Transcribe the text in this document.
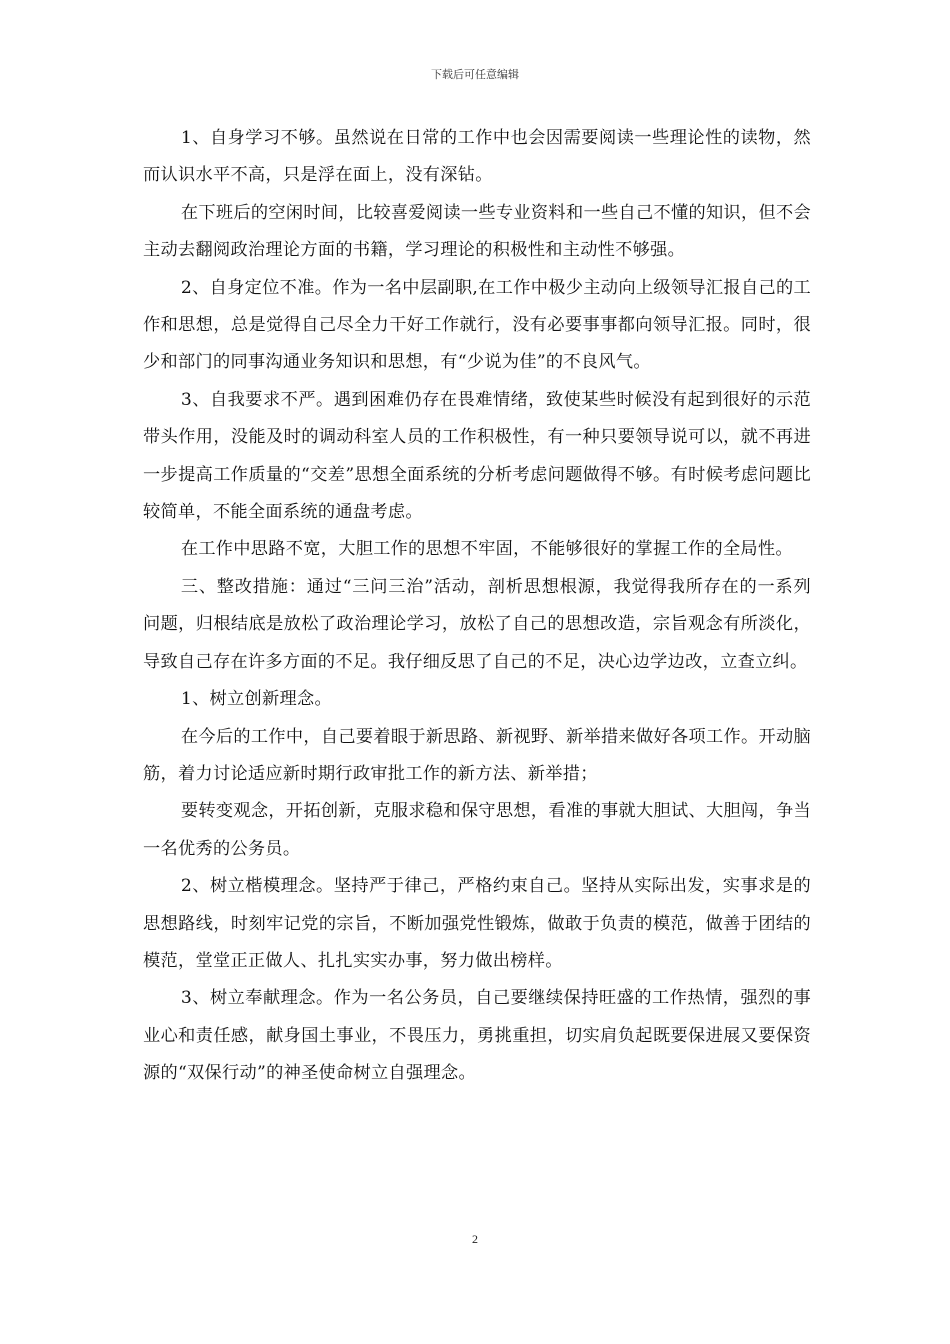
下载后可任意编辑

1、自身学习不够。虽然说在日常的工作中也会因需要阅读一些理论性的读物，然而认识水平不高，只是浮在面上，没有深钻。

在下班后的空闲时间，比较喜爱阅读一些专业资料和一些自己不懂的知识，但不会主动去翻阅政治理论方面的书籍，学习理论的积极性和主动性不够强。

2、自身定位不准。作为一名中层副职,在工作中极少主动向上级领导汇报自己的工作和思想，总是觉得自己尽全力干好工作就行，没有必要事事都向领导汇报。同时，很少和部门的同事沟通业务知识和思想，有“少说为佳”的不良风气。

3、自我要求不严。遇到困难仍存在畏难情绪，致使某些时候没有起到很好的示范带头作用，没能及时的调动科室人员的工作积极性，有一种只要领导说可以，就不再进一步提高工作质量的“交差”思想全面系统的分析考虑问题做得不够。有时候考虑问题比较简单，不能全面系统的通盘考虑。

在工作中思路不宽，大胆工作的思想不牢固，不能够很好的掌握工作的全局性。

三、整改措施：通过“三问三治”活动，剖析思想根源，我觉得我所存在的一系列问题，归根结底是放松了政治理论学习，放松了自己的思想改造，宗旨观念有所淡化，导致自己存在许多方面的不足。我仔细反思了自己的不足，决心边学边改，立查立纠。

1、树立创新理念。

在今后的工作中，自己要着眼于新思路、新视野、新举措来做好各项工作。开动脑筋，着力讨论适应新时期行政审批工作的新方法、新举措；

要转变观念，开拓创新，克服求稳和保守思想，看准的事就大胆试、大胆闯，争当一名优秀的公务员。

2、树立楷模理念。坚持严于律己，严格约束自己。坚持从实际出发，实事求是的思想路线，时刻牢记党的宗旨，不断加强党性锻炼，做敢于负责的模范，做善于团结的模范，堂堂正正做人、扎扎实实办事，努力做出榜样。

3、树立奉献理念。作为一名公务员，自己要继续保持旺盛的工作热情，强烈的事业心和责任感，献身国土事业，不畏压力，勇挑重担，切实肩负起既要保进展又要保资源的“双保行动”的神圣使命树立自强理念。

2
